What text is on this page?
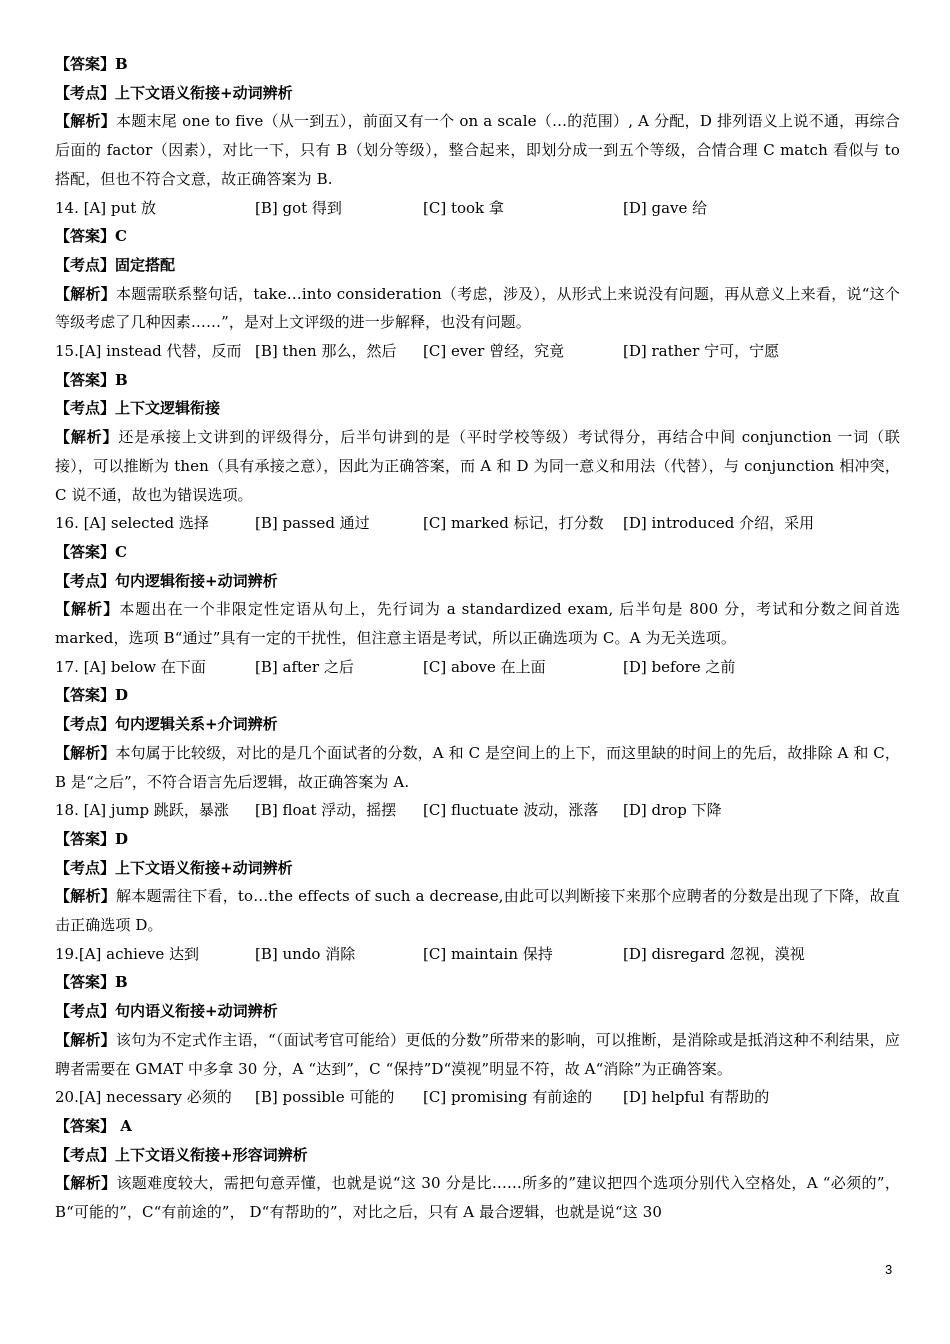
【答案】B
【考点】上下文语义衔接+动词辨析
【解析】本题末尾 one to five（从一到五），前面又有一个 on a scale（…的范围）, A 分配，D 排列语义上说不通，再综合后面的 factor（因素），对比一下，只有 B（划分等级），整合起来，即划分成一到五个等级，合情合理 C match 看似与 to 搭配，但也不符合文意，故正确答案为 B.
14. [A] put 放	[B] got 得到	[C] took 拿	[D] gave 给
【答案】C
【考点】固定搭配
【解析】本题需联系整句话，take…into consideration（考虑，涉及），从形式上来说没有问题，再从意义上来看，说“这个等级考虑了几种因素……”，是对上文评级的进一步解释，也没有问题。
15.[A] instead 代替，反而 [B] then 那么，然后 [C] ever 曾经，究竟	[D] rather 宁可，宁愿
【答案】B
【考点】上下文逻辑衔接
【解析】还是承接上文讲到的评级得分，后半句讲到的是（平时学校等级）考试得分，再结合中间 conjunction 一词（联接），可以推断为 then（具有承接之意），因此为正确答案，而 A 和 D 为同一意义和用法（代替），与 conjunction 相冲突，C 说不通，故也为错误选项。
16. [A] selected 选择	[B] passed 通过	[C] marked 标记，打分数 [D] introduced 介绍，采用
【答案】C
【考点】句内逻辑衔接+动词辨析
【解析】本题出在一个非限定性定语从句上，先行词为 a standardized exam, 后半句是 800 分，考试和分数之间首选 marked，选项 B“通过”具有一定的干扰性，但注意主语是考试，所以正确选项为 C。A 为无关选项。
17. [A] below 在下面	[B] after 之后	[C] above 在上面	[D] before 之前
【答案】D
【考点】句内逻辑关系+介词辨析
【解析】本句属于比较级，对比的是几个面试者的分数，A 和 C 是空间上的上下，而这里缺的时间上的先后，故排除 A 和 C，B 是“之后”，不符合语言先后逻辑，故正确答案为 A.
18. [A] jump 跳跃，暴涨 [B] float 浮动，摇摆 [C] fluctuate 波动，涨落 [D] drop 下降
【答案】D
【考点】上下文语义衔接+动词辨析
【解析】解本题需往下看，to…the effects of such a decrease,由此可以判断接下来那个应聘者的分数是出现了下降，故直击正确选项 D。
19.[A] achieve 达到	[B] undo 消除	[C] maintain 保持	[D] disregard 忽视，漠视
【答案】B
【考点】句内语义衔接+动词辨析
【解析】该句为不定式作主语，“（面试考官可能给）更低的分数”所带来的影响，可以推断，是消除或是抵消这种不利结果，应聘者需要在 GMAT 中多拿 30 分，A “达到”，C “保持”D“漠视”明显不符，故 A“消除”为正确答案。
20.[A] necessary 必须的 [B] possible 可能的 [C] promising 有前途的 [D] helpful 有帮助的
【答案】 A
【考点】上下文语义衔接+形容词辨析
【解析】该题难度较大，需把句意弄懂，也就是说“这 30 分是比……所多的”建议把四个选项分别代入空格处，A “必须的”，B“可能的”，C“有前途的”， D“有帮助的”，对比之后，只有 A 最合逻辑，也就是说“这 30
3
